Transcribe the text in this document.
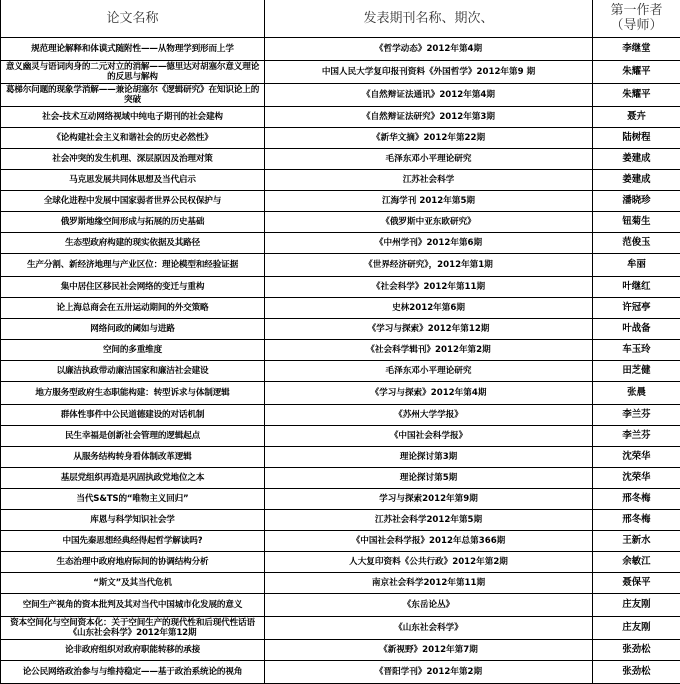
论文名称	发表期刊名称、期次、	第一作者
（导师）
规范理论解释和体谟式随附性——从物理学到形而上学	《哲学动态》2012年第4期	李继堂
意义幽灵与语词肉身的二元对立的消解——德里达对胡塞尔意义理论的反思与解构	中国人民大学复印报刊资料《外国哲学》2012年第9 期	朱耀平
葛梯尔问题的现象学消解——兼论胡塞尔《逻辑研究》在知识论上的突破	《自然辩证法通讯》2012年第4期	朱耀平
社会-技术互动网络视域中纯电子期刊的社会建构	《自然辩证法研究》2012年第3期	聂卉
《论构建社会主义和谐社会的历史必然性》	《新华文摘》2012年第22期	陆树程
社会冲突的发生机理、深层原因及治理对策	毛泽东邓小平理论研究	姜建成
马克思发展共同体思想及当代启示	江苏社会科学	姜建成
全球化进程中发展中国家弱者世界公民权保护与	江海学刊 2012年第5期	潘晓珍
俄罗斯地缘空间形成与拓展的历史基础	《俄罗斯中亚东欧研究》	钮菊生
生态型政府构建的现实依据及其路径	《中州学刊》2012年第6期	范俊玉
生产分割、新经济地理与产业区位：理论模型和经验证据	《世界经济研究》，2012年第1期	牟丽
集中居住区移民社会网络的变迁与重构	《社会科学》2012年第11期	叶继红
论上海总商会在五卅运动期间的外交策略	史林2012年第6期	许冠亭
网络问政的阈如与进路	《学习与探索》2012年第12期	叶战备
空间的多重维度	《社会科学辑刊》2012年第2期	车玉玲
以廉洁执政带动廉洁国家和廉洁社会建设	毛泽东邓小平理论研究	田芝健
地方服务型政府生态职能构建：转型诉求与体制逻辑	《学习与探索》2012年第4期	张晨
群体性事件中公民道德建设的对话机制	《苏州大学学报》	李兰芬
民生幸福是创新社会管理的逻辑起点	《中国社会科学报》	李兰芬
从服务结构转身看体制改革逻辑	理论探讨第3期	沈荣华
基层党组织再造是巩固执政党地位之本	理论探讨第5期	沈荣华
当代S&TS的“唯物主义回归”	学习与探索2012年第9期	邢冬梅
库恩与科学知识社会学	江苏社会科学2012年第5期	邢冬梅
中国先秦思想经典经得起哲学解读吗?	《中国社会科学报》2012年总第366期	王新水
生态治理中政府地府际间的协调结构分析	人大复印资料《公共行政》2012年第2期	余敏江
“斯文”及其当代危机	南京社会科学2012年第11期	聂保平
空间生产视角的资本批判及其对当代中国城市化发展的意义	《东岳论丛》	庄友刚
资本空间化与空间资本化：关于空间生产的现代性和后现代性话语《山东社会科学》2012年第12期	《山东社会科学》	庄友刚
论非政府组织对政府职能转移的承接	《新视野》2012年第7期	张劲松
论公民网络政治参与与维持稳定——基于政治系统论的视角	《晋阳学刊》2012年第2期	张劲松
